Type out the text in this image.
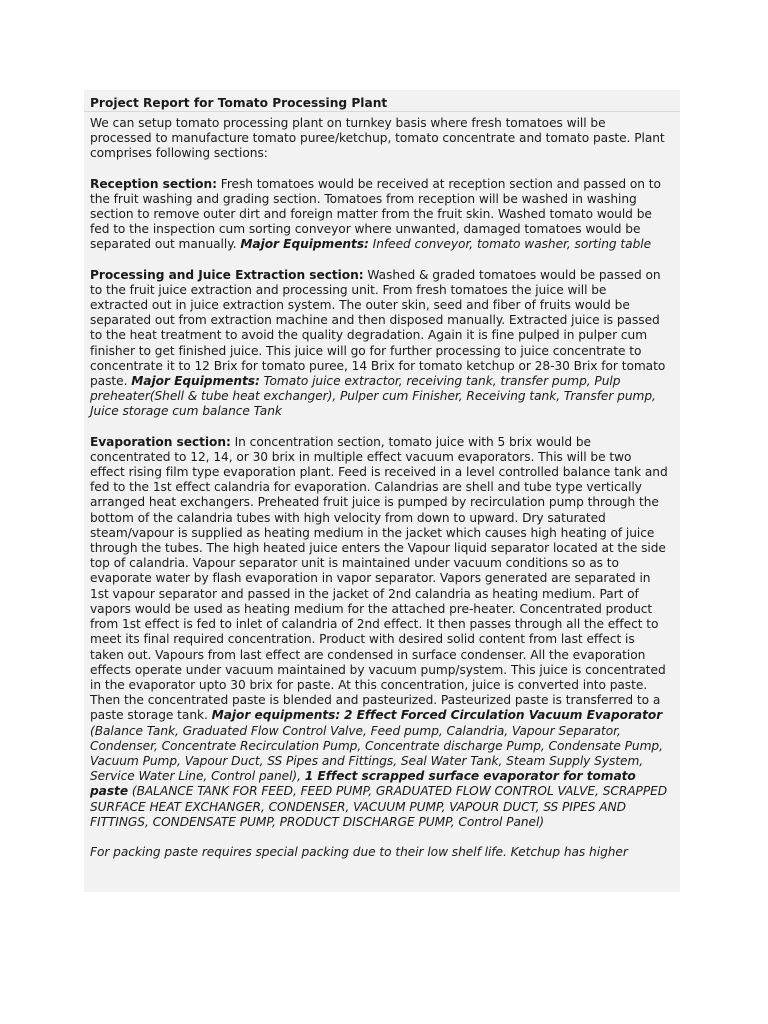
Project Report for Tomato Processing Plant

We can setup tomato processing plant on turnkey basis where fresh tomatoes will be processed to manufacture tomato puree/ketchup, tomato concentrate and tomato paste. Plant comprises following sections:

Reception section: Fresh tomatoes would be received at reception section and passed on to the fruit washing and grading section. Tomatoes from reception will be washed in washing section to remove outer dirt and foreign matter from the fruit skin. Washed tomato would be fed to the inspection cum sorting conveyor where unwanted, damaged tomatoes would be separated out manually. Major Equipments: Infeed conveyor, tomato washer, sorting table

Processing and Juice Extraction section: Washed & graded tomatoes would be passed on to the fruit juice extraction and processing unit. From fresh tomatoes the juice will be extracted out in juice extraction system. The outer skin, seed and fiber of fruits would be separated out from extraction machine and then disposed manually. Extracted juice is passed to the heat treatment to avoid the quality degradation. Again it is fine pulped in pulper cum finisher to get finished juice. This juice will go for further processing to juice concentrate to concentrate it to 12 Brix for tomato puree, 14 Brix for tomato ketchup or 28-30 Brix for tomato paste. Major Equipments: Tomato juice extractor, receiving tank, transfer pump, Pulp preheater(Shell & tube heat exchanger), Pulper cum Finisher, Receiving tank, Transfer pump, Juice storage cum balance Tank

Evaporation section: In concentration section, tomato juice with 5 brix would be concentrated to 12, 14, or 30 brix in multiple effect vacuum evaporators. This will be two effect rising film type evaporation plant. Feed is received in a level controlled balance tank and fed to the 1st effect calandria for evaporation. Calandrias are shell and tube type vertically arranged heat exchangers. Preheated fruit juice is pumped by recirculation pump through the bottom of the calandria tubes with high velocity from down to upward. Dry saturated steam/vapour is supplied as heating medium in the jacket which causes high heating of juice through the tubes. The high heated juice enters the Vapour liquid separator located at the side top of calandria. Vapour separator unit is maintained under vacuum conditions so as to evaporate water by flash evaporation in vapor separator. Vapors generated are separated in 1st vapour separator and passed in the jacket of 2nd calandria as heating medium. Part of vapors would be used as heating medium for the attached pre-heater. Concentrated product from 1st effect is fed to inlet of calandria of 2nd effect. It then passes through all the effect to meet its final required concentration. Product with desired solid content from last effect is taken out. Vapours from last effect are condensed in surface condenser. All the evaporation effects operate under vacuum maintained by vacuum pump/system. This juice is concentrated in the evaporator upto 30 brix for paste. At this concentration, juice is converted into paste. Then the concentrated paste is blended and pasteurized. Pasteurized paste is transferred to a paste storage tank. Major equipments: 2 Effect Forced Circulation Vacuum Evaporator (Balance Tank, Graduated Flow Control Valve, Feed pump, Calandria, Vapour Separator, Condenser, Concentrate Recirculation Pump, Concentrate discharge Pump, Condensate Pump, Vacuum Pump, Vapour Duct, SS Pipes and Fittings, Seal Water Tank, Steam Supply System, Service Water Line, Control panel), 1 Effect scrapped surface evaporator for tomato paste (BALANCE TANK FOR FEED, FEED PUMP, GRADUATED FLOW CONTROL VALVE, SCRAPPED SURFACE HEAT EXCHANGER, CONDENSER, VACUUM PUMP, VAPOUR DUCT, SS PIPES AND FITTINGS, CONDENSATE PUMP, PRODUCT DISCHARGE PUMP, Control Panel)

For packing paste requires special packing due to their low shelf life. Ketchup has higher
